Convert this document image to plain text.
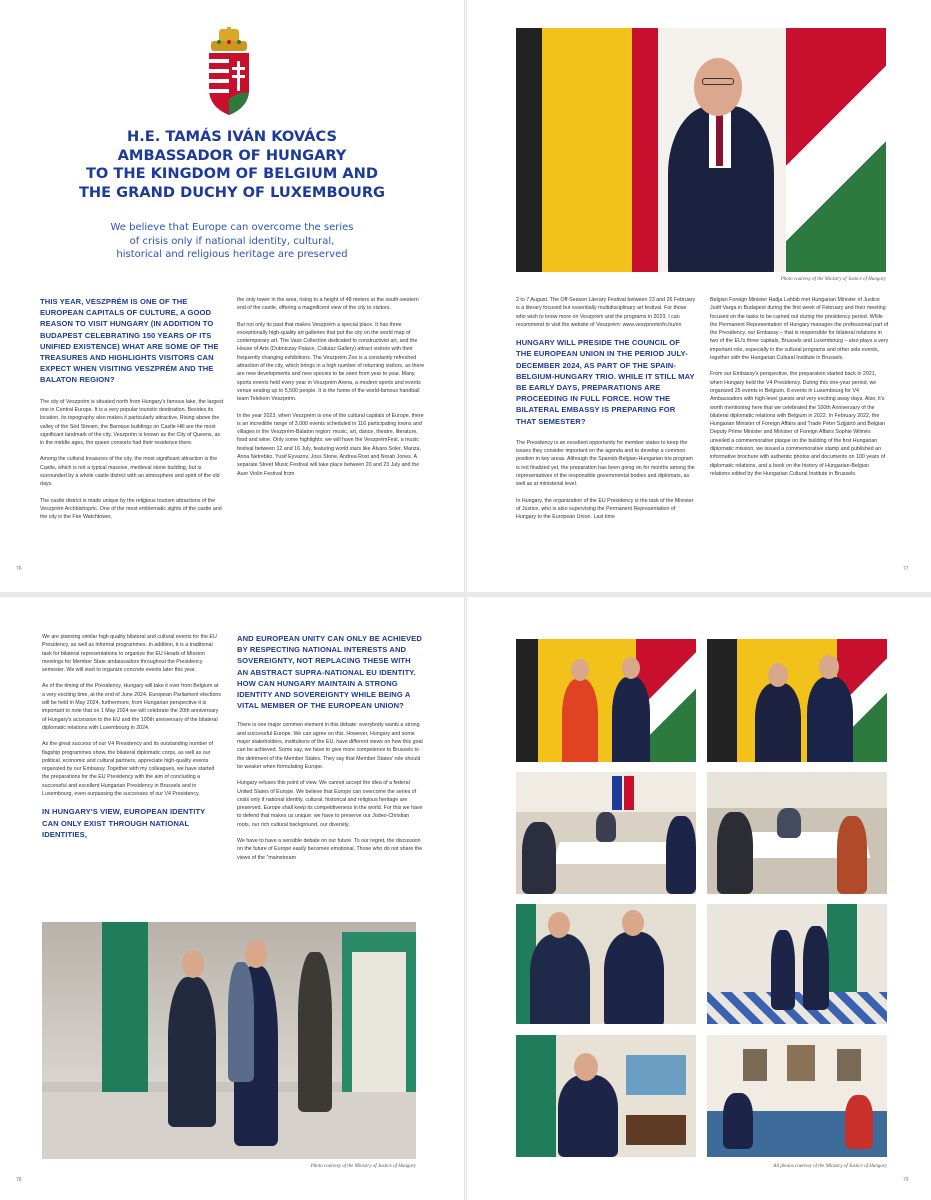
H.E. TAMÁS IVÁN KOVÁCS
AMBASSADOR OF HUNGARY
TO THE KINGDOM OF BELGIUM AND
THE GRAND DUCHY OF LUXEMBOURG
We believe that Europe can overcome the series
of crisis only if national identity, cultural,
historical and religious heritage are preserved
THIS YEAR, VESZPRÉM IS ONE OF THE EUROPEAN CAPITALS OF CULTURE, A GOOD REASON TO VISIT HUNGARY (IN ADDITION TO BUDAPEST CELEBRATING 150 YEARS OF ITS UNIFIED EXISTENCE) WHAT ARE SOME OF THE TREASURES AND HIGHLIGHTS VISITORS CAN EXPECT WHEN VISITING VESZPRÉM AND THE BALATON REGION?

The city of Veszprém is situated north from Hungary's famous lake, the largest one in Central Europe. It is a very popular touristic destination. Besides its location, its topography also makes it particularly attractive. Rising above the valley of the Séd Stream, the Baroque buildings on Castle Hill are the most significant landmark of the city. Veszprém is known as the City of Queens, as in the middle ages, the queen consorts had their residence there.

Among the cultural treasures of the city, the most significant attraction is the Castle, which is not a typical massive, medieval stone building, but is surrounded by a whole castle district with an atmosphere and spirit of the old days.

The castle district is made unique by the religious tourism attractions of the Veszprém Archbishopric. One of the most emblematic sights of the castle and the city is the Fire Watchtower,

the only tower in the area, rising to a height of 48 meters at the south-western end of the castle, offering a magnificent view of the city to visitors.

But not only its past that makes Veszprém a special place. It has three exceptionally high-quality art galleries that put the city on the world map of contemporary art. The Vass Collection dedicated to constructivist art, and the House of Arts (Dubniczay Palace, Csikász Gallery) attract visitors with their frequently changing exhibitions. The Veszprém Zoo is a constantly refreshed attraction of the city, which brings in a high number of returning visitors, as there are new developments and new species to be seen from year to year. Many sports events held every year in Veszprém Arena, a modern sports and events venue seating up to 5,500 people. It is the home of the world-famous handball team Telekom Veszprém.

In the year 2023, when Veszprém is one of the cultural capitals of Europe, there is an incredible range of 3,000 events scheduled in 116 participating towns and villages in the Veszprém-Balaton region: music, art, dance, theatre, literature, food and wine. Only some highlights: we will have the VeszprémFest, a music festival between 12 and 16 July, featuring world stars like Álvaro Soler, Mariza, Anna Netrebko, Yusif Eyvazov, Joss Stone, Andrea Rost and Norah Jones. A separate Street Music Festival will take place between 20 and 23 July and the Auer Violin Festival from

76
Photo courtesy of the Ministry of Justice of Hungary

2 to 7 August. The Off-Season Literary Festival between 23 and 26 February is a literary focused but essentially multidisciplinary art festival. For those who wish to know more on Veszprém and the programs in 2023, I can recommend to visit the website of Veszprém: www.veszpreminfo.hu/en

HUNGARY WILL PRESIDE THE COUNCIL OF THE EUROPEAN UNION IN THE PERIOD JULY-DECEMBER 2024, AS PART OF THE SPAIN-BELGIUM-HUNGARY TRIO. WHILE IT STILL MAY BE EARLY DAYS, PREPARATIONS ARE PROCEEDING IN FULL FORCE. HOW THE BILATERAL EMBASSY IS PREPARING FOR THAT SEMESTER?

The Presidency is an excellent opportunity for member states to keep the issues they consider important on the agenda and to develop a common position in key areas. Although the Spanish-Belgian-Hungarian trio program is not finalized yet, the preparation has been going on for months among the representatives of the responsible governmental bodies and diplomats, as well as at ministerial level.

In Hungary, the organization of the EU Presidency is the task of the Minister of Justice, who is also supervising the Permanent Representation of Hungary to the European Union. Last time

Belgian Foreign Minister Hadja Lahbib met Hungarian Minister of Justice Judit Varga in Budapest during the first week of February and their meeting focused on the tasks to be carried out during the presidency period. While the Permanent Representation of Hungary manages the professional part of the Presidency, our Embassy – that is responsible for bilateral relations in two of the EU's three capitals, Brussels and Luxembourg – also plays a very important role, especially in the cultural programs and other side events, together with the Hungarian Cultural Institute in Brussels.

From our Embassy's perspective, the preparation started back in 2021, when Hungary held the V4 Presidency. During this one-year period, we organized 25 events in Belgium, 8 events in Luxembourg for V4 Ambassadors with high-level guests and very exciting away days. Also, it's worth mentioning here that we celebrated the 100th Anniversary of the bilateral diplomatic relations with Belgium in 2022. In February 2022, the Hungarian Minister of Foreign Affairs and Trade Péter Szijjártó and Belgian Deputy Prime Minister and Minister of Foreign Affairs Sophie Wilmès unveiled a commemorative plaque on the building of the first Hungarian diplomatic mission, we issued a commemorative stamp and published an informative brochure with authentic photos and documents on 100 years of diplomatic relations, and a book on the history of Hungarian-Belgian relations edited by the Hungarian Cultural Institute in Brussels.

77

We are planning similar high quality bilateral and cultural events for the EU Presidency, as well as informal programmes. In addition, it is a traditional task for bilateral representations to organize the EU Heads of Mission meetings for Member State ambassadors throughout the Presidency semester. We will start to organize concrete events later this year.

As of the timing of the Presidency, Hungary will take it over from Belgium at a very exciting time, at the end of June 2024. European Parliament elections will be held in May 2024, furthermore, from Hungarian perspective it is important to note that on 1 May 2024 we will celebrate the 20th anniversary of Hungary's accession to the EU and the 100th anniversary of the bilateral diplomatic relations with Luxembourg in 2024.

As the great success of our V4 Presidency and its outstanding number of flagship programmes show, the bilateral diplomatic corps, as well as our political, economic and cultural partners, appreciate high-quality events organized by our Embassy. Together with my colleagues, we have started the preparations for the EU Presidency with the aim of concluding a successful and excellent Hungarian Presidency in Brussels and in Luxembourg, even surpassing the successes of our V4 Presidency.

IN HUNGARY'S VIEW, EUROPEAN IDENTITY CAN ONLY EXIST THROUGH NATIONAL IDENTITIES,
AND EUROPEAN UNITY CAN ONLY BE ACHIEVED BY RESPECTING NATIONAL INTERESTS AND SOVEREIGNTY, NOT REPLACING THESE WITH AN ABSTRACT SUPRA-NATIONAL EU IDENTITY. HOW CAN HUNGARY MAINTAIN A STRONG IDENTITY AND SOVEREIGNTY WHILE BEING A VITAL MEMBER OF THE EUROPEAN UNION?

There is one major common element in this debate: everybody wants a strong and successful Europe. We can agree on this. However, Hungary and some major stakeholders, institutions of the EU, have different views on how this goal can be achieved. Some say, we have to give more competence to Brussels to the detriment of the Member States. They say that Member States' role should be weaker when formulating Europe.

Hungary refuses this point of view. We cannot accept the idea of a federal United States of Europe. We believe that Europe can overcome the series of crisis only if national identity, cultural, historical and religious heritage are preserved. Europe shall keep its competitiveness in the world. For this we have to defend that makes us unique: we have to preserve our Judeo-Christian roots, our rich cultural background, our diversity.

We have to have a sensible debate on our future. To our regret, the discussion on the future of Europe easily becomes emotional. Those who do not share the views of the "mainstream

Photo courtesy of the Ministry of Justice of Hungary
78
All photos courtesy of the Ministry of Justice of Hungary
79
